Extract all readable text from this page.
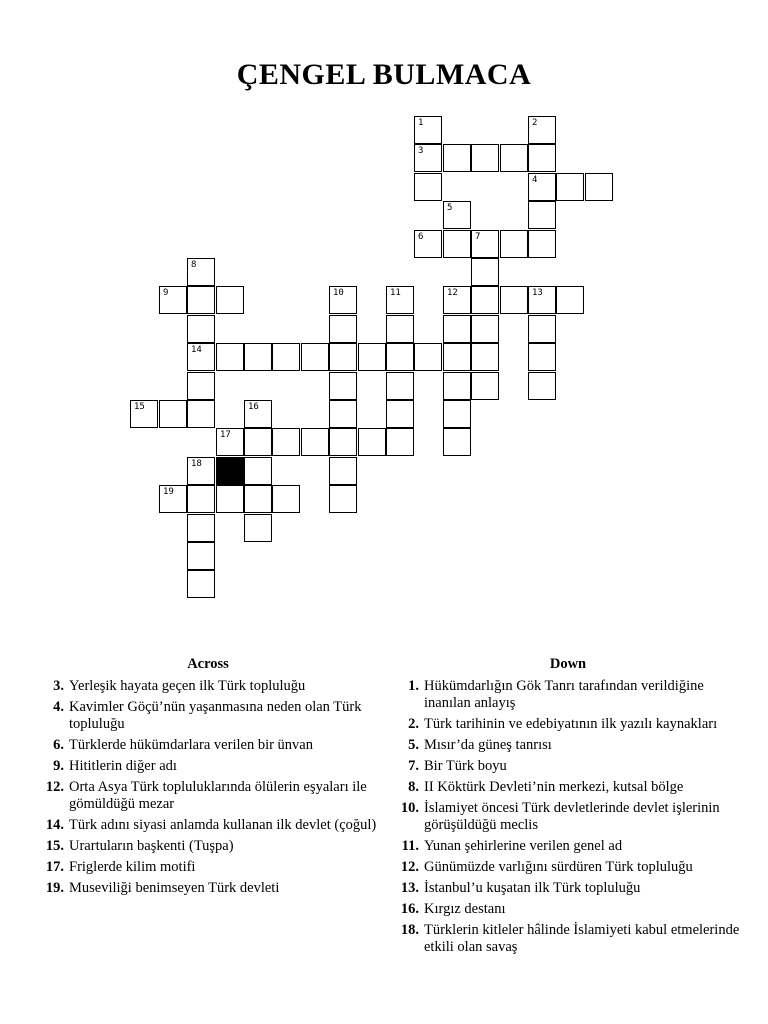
ÇENGEL BULMACA
1	2
3
4
5
6	7
8
9	10	11	12	13
14
15	16
17
18
19
Across
3. Yerleşik hayata geçen ilk Türk topluluğu
4. Kavimler Göçü’nün yaşanmasına neden olan Türk topluluğu
6. Türklerde hükümdarlara verilen bir ünvan
9. Hititlerin diğer adı
12. Orta Asya Türk topluluklarında ölülerin eşyaları ile gömüldüğü mezar
14. Türk adını siyasi anlamda kullanan ilk devlet (çoğul)
15. Urartuların başkenti (Tuşpa)
17. Friglerde kilim motifi
19. Museviliği benimseyen Türk devleti
Down
1. Hükümdarlığın Gök Tanrı tarafından verildiğine inanılan anlayış
2. Türk tarihinin ve edebiyatının ilk yazılı kaynakları
5. Mısır’da güneş tanrısı
7. Bir Türk boyu
8. II Köktürk Devleti’nin merkezi, kutsal bölge
10. İslamiyet öncesi Türk devletlerinde devlet işlerinin görüşüldüğü meclis
11. Yunan şehirlerine verilen genel ad
12. Günümüzde varlığını sürdüren Türk topluluğu
13. İstanbul’u kuşatan ilk Türk topluluğu
16. Kırgız destanı
18. Türklerin kitleler hâlinde İslamiyeti kabul etmelerinde etkili olan savaş
